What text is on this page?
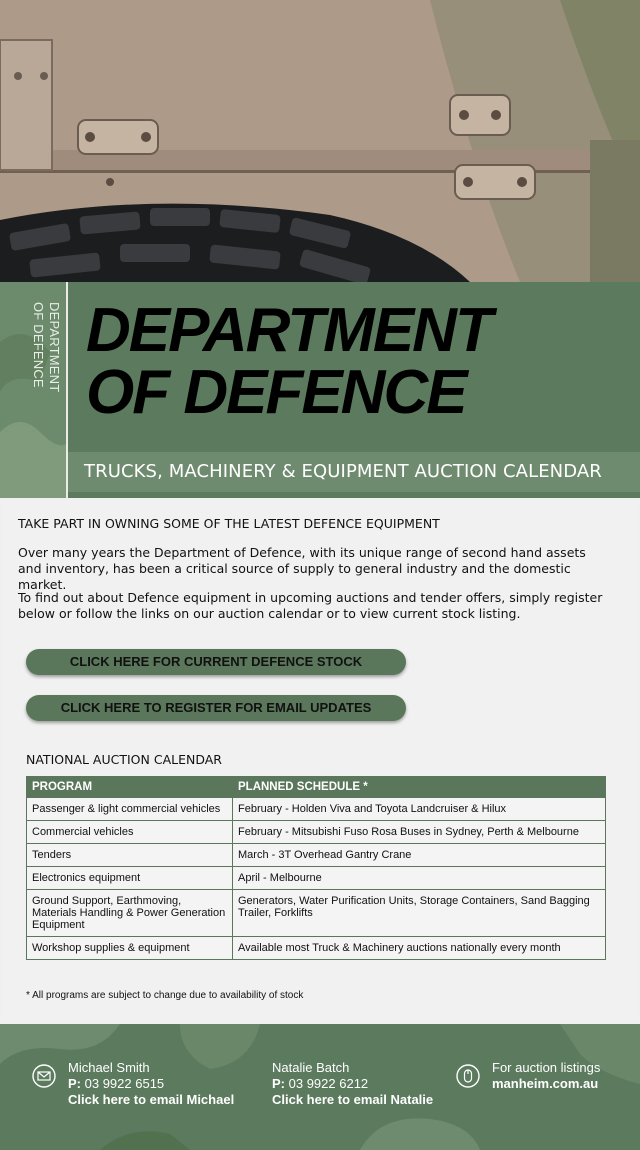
DEPARTMENT
OF DEFENCE DEPARTMENT
OF DEFENCE
TRUCKS, MACHINERY & EQUIPMENT AUCTION CALENDAR
TAKE PART IN OWNING SOME OF THE LATEST DEFENCE EQUIPMENT

Over many years the Department of Defence, with its unique range of second hand assets and inventory, has been a critical source of supply to general industry and the domestic market.

To find out about Defence equipment in upcoming auctions and tender offers, simply register below or follow the links on our auction calendar or to view current stock listing.

CLICK HERE FOR CURRENT DEFENCE STOCK
CLICK HERE TO REGISTER FOR EMAIL UPDATES
NATIONAL AUCTION CALENDAR
PROGRAM	PLANNED SCHEDULE *
Passenger & light commercial vehicles	February - Holden Viva and Toyota Landcruiser & Hilux
Commercial vehicles	February - Mitsubishi Fuso Rosa Buses in Sydney, Perth & Melbourne
Tenders	March - 3T Overhead Gantry Crane
Electronics equipment	April - Melbourne
Ground Support, Earthmoving, Materials Handling & Power Generation Equipment	Generators, Water Purification Units, Storage Containers, Sand Bagging Trailer, Forklifts
Workshop supplies & equipment	Available most Truck & Machinery auctions nationally every month
* All programs are subject to change due to availability of stock
Michael Smith
P: 03 9922 6515
Click here to email Michael
Natalie Batch
P: 03 9922 6212
Click here to email Natalie
For auction listings
manheim.com.au
